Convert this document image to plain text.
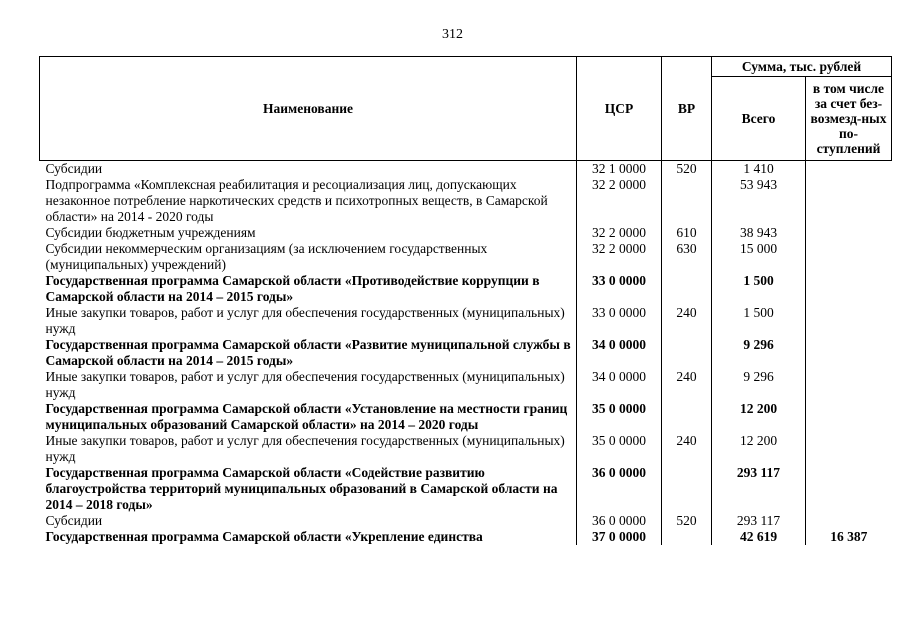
312
Наименование	ЦСР	ВР	Сумма, тыс. рублей	
			Всего	в том числе за счет без-возмезд-ных по-ступлений
Субсидии	32 1 0000	520	1 410	
Подпрограмма «Комплексная реабилитация и ресоциализация лиц, допускающих незаконное потребление наркотических средств и психотропных веществ, в Самарской области» на 2014 - 2020 годы	32 2 0000		53 943	
Субсидии бюджетным учреждениям	32 2 0000	610	38 943	
Субсидии некоммерческим организациям (за исключением государственных (муниципальных) учреждений)	32 2 0000	630	15 000	
Государственная программа Самарской области «Противодействие коррупции в Самарской области на 2014 – 2015 годы»	33 0 0000		1 500	
Иные закупки товаров, работ и услуг для обеспечения государственных (муниципальных) нужд	33 0 0000	240	1 500	
Государственная программа Самарской области «Развитие муниципальной службы в Самарской области на 2014 – 2015 годы»	34 0 0000		9 296	
Иные закупки товаров, работ и услуг для обеспечения государственных (муниципальных) нужд	34 0 0000	240	9 296	
Государственная программа Самарской области «Установление на местности границ муниципальных образований Самарской области» на 2014 – 2020 годы	35 0 0000		12 200	
Иные закупки товаров, работ и услуг для обеспечения государственных (муниципальных) нужд	35 0 0000	240	12 200	
Государственная программа Самарской области «Содействие развитию благоустройства территорий муниципальных образований в Самарской области на 2014 – 2018 годы»	36 0 0000		293 117	
Субсидии	36 0 0000	520	293 117	
Государственная программа Самарской области «Укрепление единства	37 0 0000		42 619	16 387
